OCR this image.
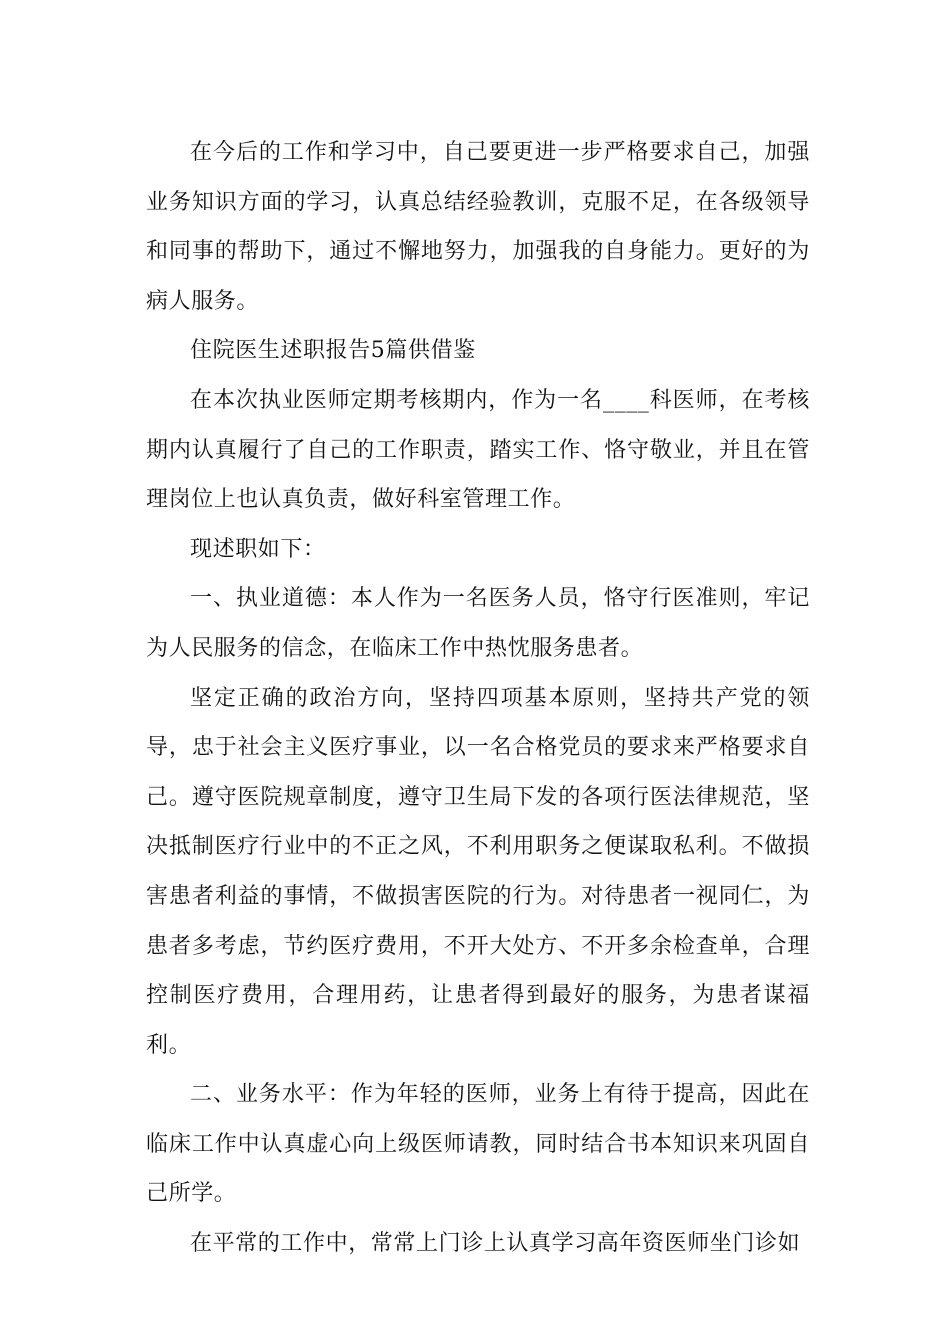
在今后的工作和学习中，自己要更进一步严格要求自己，加强业务知识方面的学习，认真总结经验教训，克服不足，在各级领导和同事的帮助下，通过不懈地努力，加强我的自身能力。更好的为病人服务。

住院医生述职报告5篇供借鉴

在本次执业医师定期考核期内，作为一名____科医师，在考核期内认真履行了自己的工作职责，踏实工作、恪守敬业，并且在管理岗位上也认真负责，做好科室管理工作。

现述职如下：

一、执业道德：本人作为一名医务人员，恪守行医准则，牢记为人民服务的信念，在临床工作中热忱服务患者。

坚定正确的政治方向，坚持四项基本原则，坚持共产党的领导，忠于社会主义医疗事业，以一名合格党员的要求来严格要求自己。遵守医院规章制度，遵守卫生局下发的各项行医法律规范，坚决抵制医疗行业中的不正之风，不利用职务之便谋取私利。不做损害患者利益的事情，不做损害医院的行为。对待患者一视同仁，为患者多考虑，节约医疗费用，不开大处方、不开多余检查单，合理控制医疗费用，合理用药，让患者得到最好的服务，为患者谋福利。

二、业务水平：作为年轻的医师，业务上有待于提高，因此在临床工作中认真虚心向上级医师请教，同时结合书本知识来巩固自己所学。

在平常的工作中，常常上门诊上认真学习高年资医师坐门诊如
